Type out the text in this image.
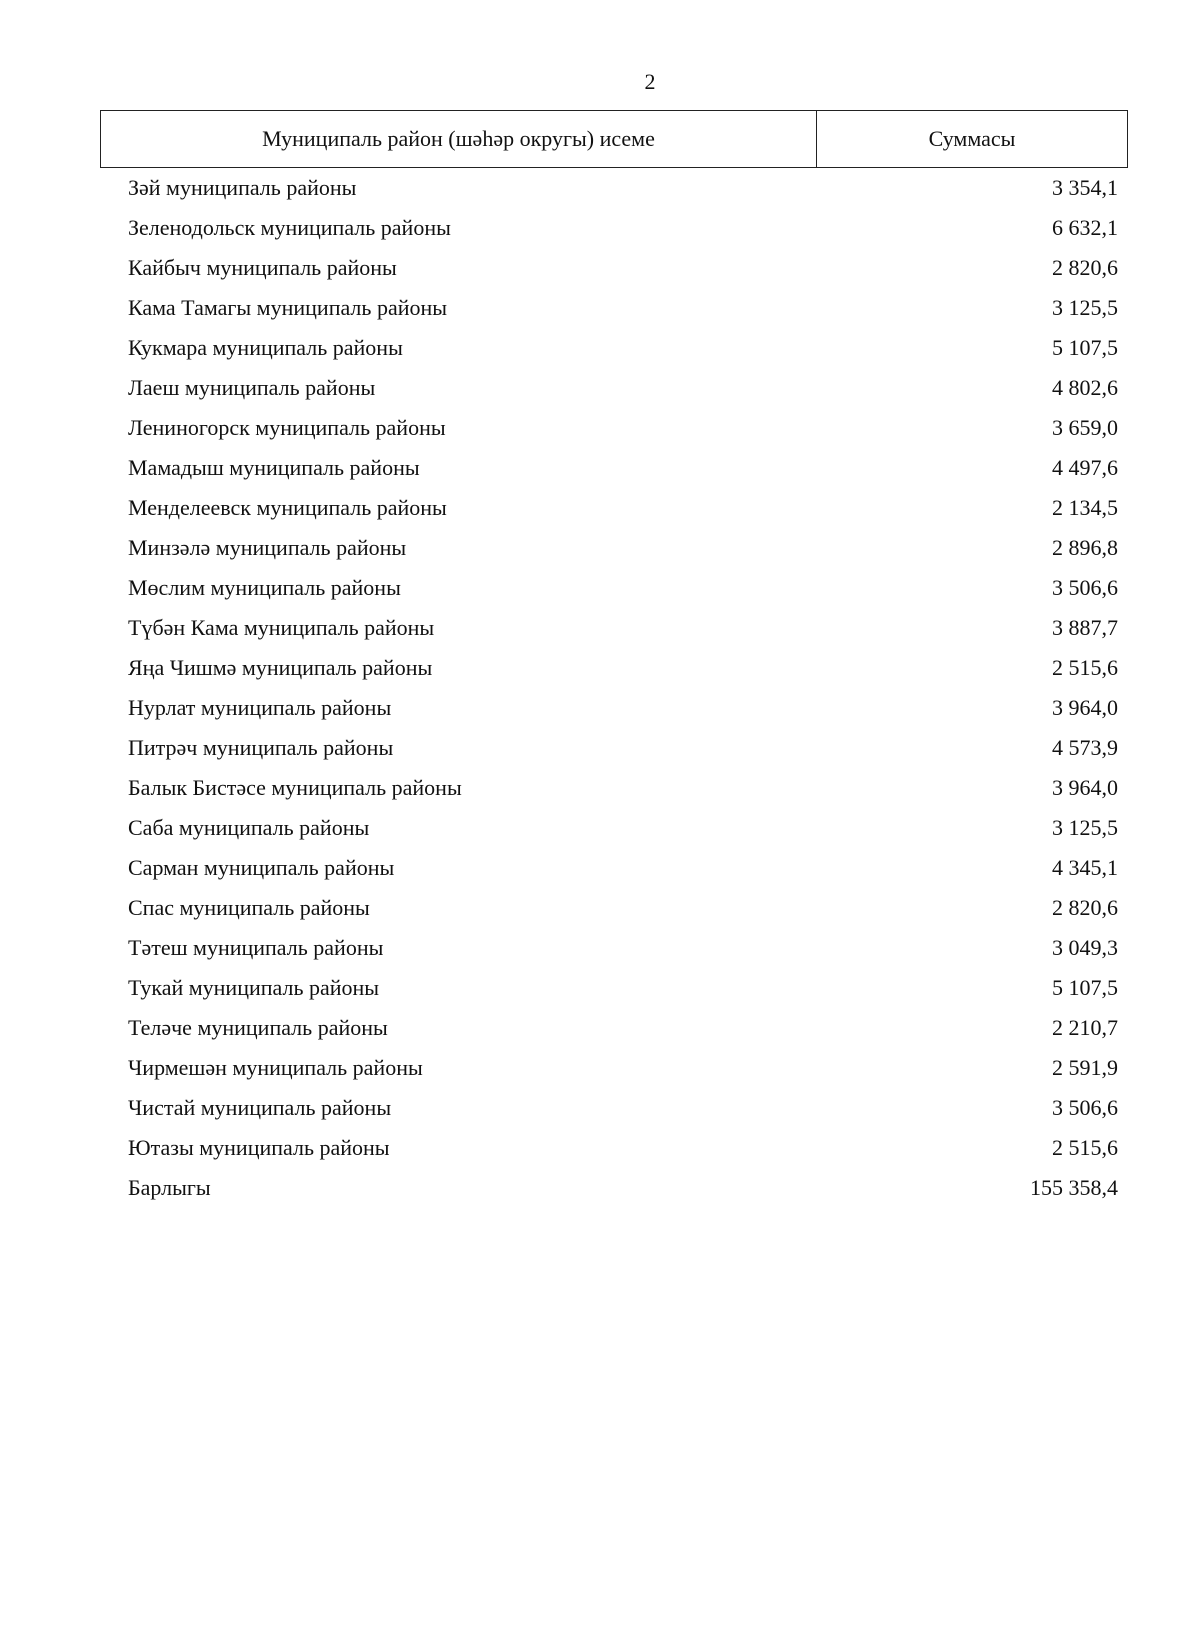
2
Муниципаль район (шәһәр округы) исеме	Суммасы
Зәй муниципаль районы	3 354,1
Зеленодольск муниципаль районы	6 632,1
Кайбыч муниципаль районы	2 820,6
Кама Тамагы муниципаль районы	3 125,5
Кукмара муниципаль районы	5 107,5
Лаеш муниципаль районы	4 802,6
Лениногорск муниципаль районы	3 659,0
Мамадыш муниципаль районы	4 497,6
Менделеевск муниципаль районы	2 134,5
Минзәлә муниципаль районы	2 896,8
Мөслим муниципаль районы	3 506,6
Түбән Кама муниципаль районы	3 887,7
Яңа Чишмә муниципаль районы	2 515,6
Нурлат муниципаль районы	3 964,0
Питрәч муниципаль районы	4 573,9
Балык Бистәсе муниципаль районы	3 964,0
Саба муниципаль районы	3 125,5
Сарман муниципаль районы	4 345,1
Спас муниципаль районы	2 820,6
Тәтеш муниципаль районы	3 049,3
Тукай муниципаль районы	5 107,5
Теләче муниципаль районы	2 210,7
Чирмешән муниципаль районы	2 591,9
Чистай муниципаль районы	3 506,6
Ютазы муниципаль районы	2 515,6
Барлыгы	155 358,4
